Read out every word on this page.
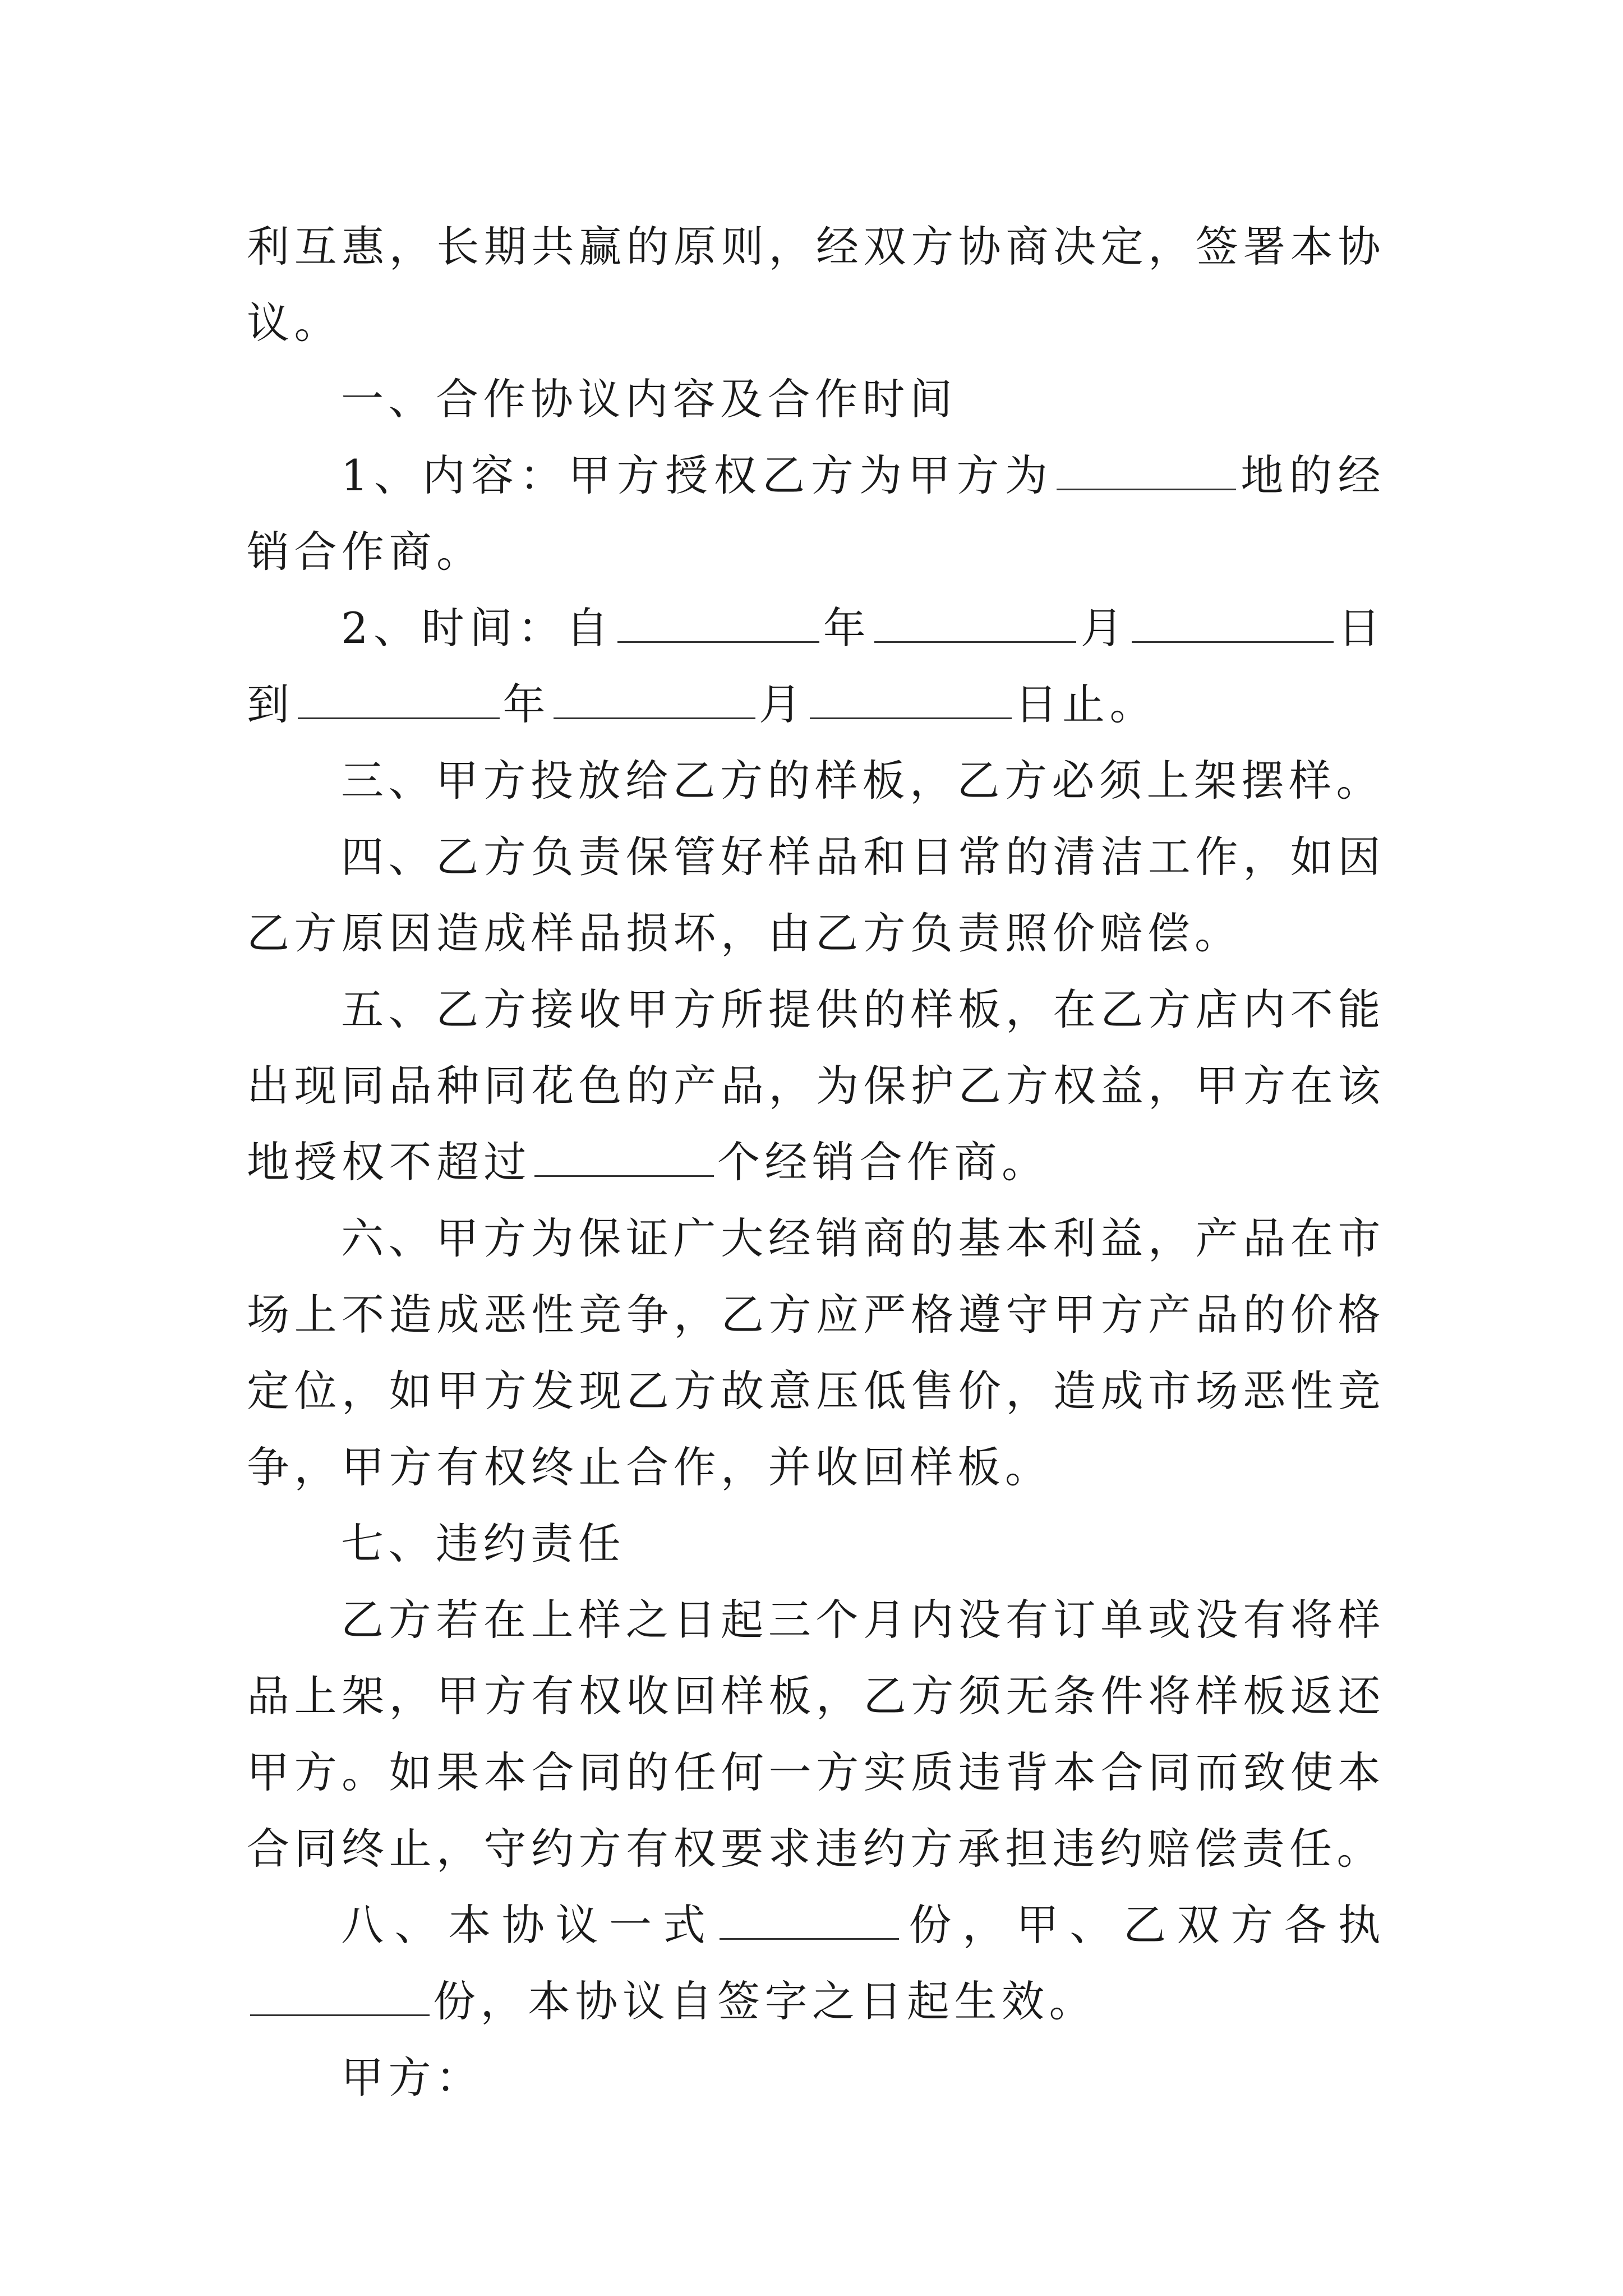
利互惠，长期共赢的原则，经双方协商决定，签署本协议。

一、合作协议内容及合作时间

1、内容：甲方授权乙方为甲方为	地的经销合作商。

2、时间：自	年	月	日到	年	月	日止。

三、甲方投放给乙方的样板，乙方必须上架摆样。

四、乙方负责保管好样品和日常的清洁工作，如因乙方原因造成样品损坏，由乙方负责照价赔偿。

五、乙方接收甲方所提供的样板，在乙方店内不能出现同品种同花色的产品，为保护乙方权益，甲方在该地授权不超过	个经销合作商。

六、甲方为保证广大经销商的基本利益，产品在市场上不造成恶性竞争，乙方应严格遵守甲方产品的价格定位，如甲方发现乙方故意压低售价，造成市场恶性竞争，甲方有权终止合作，并收回样板。

七、违约责任

乙方若在上样之日起三个月内没有订单或没有将样品上架，甲方有权收回样板，乙方须无条件将样板返还甲方。如果本合同的任何一方实质违背本合同而致使本合同终止，守约方有权要求违约方承担违约赔偿责任。

八、本协议一式	份，甲、乙双方各执份，本协议自签字之日起生效。

甲方：
